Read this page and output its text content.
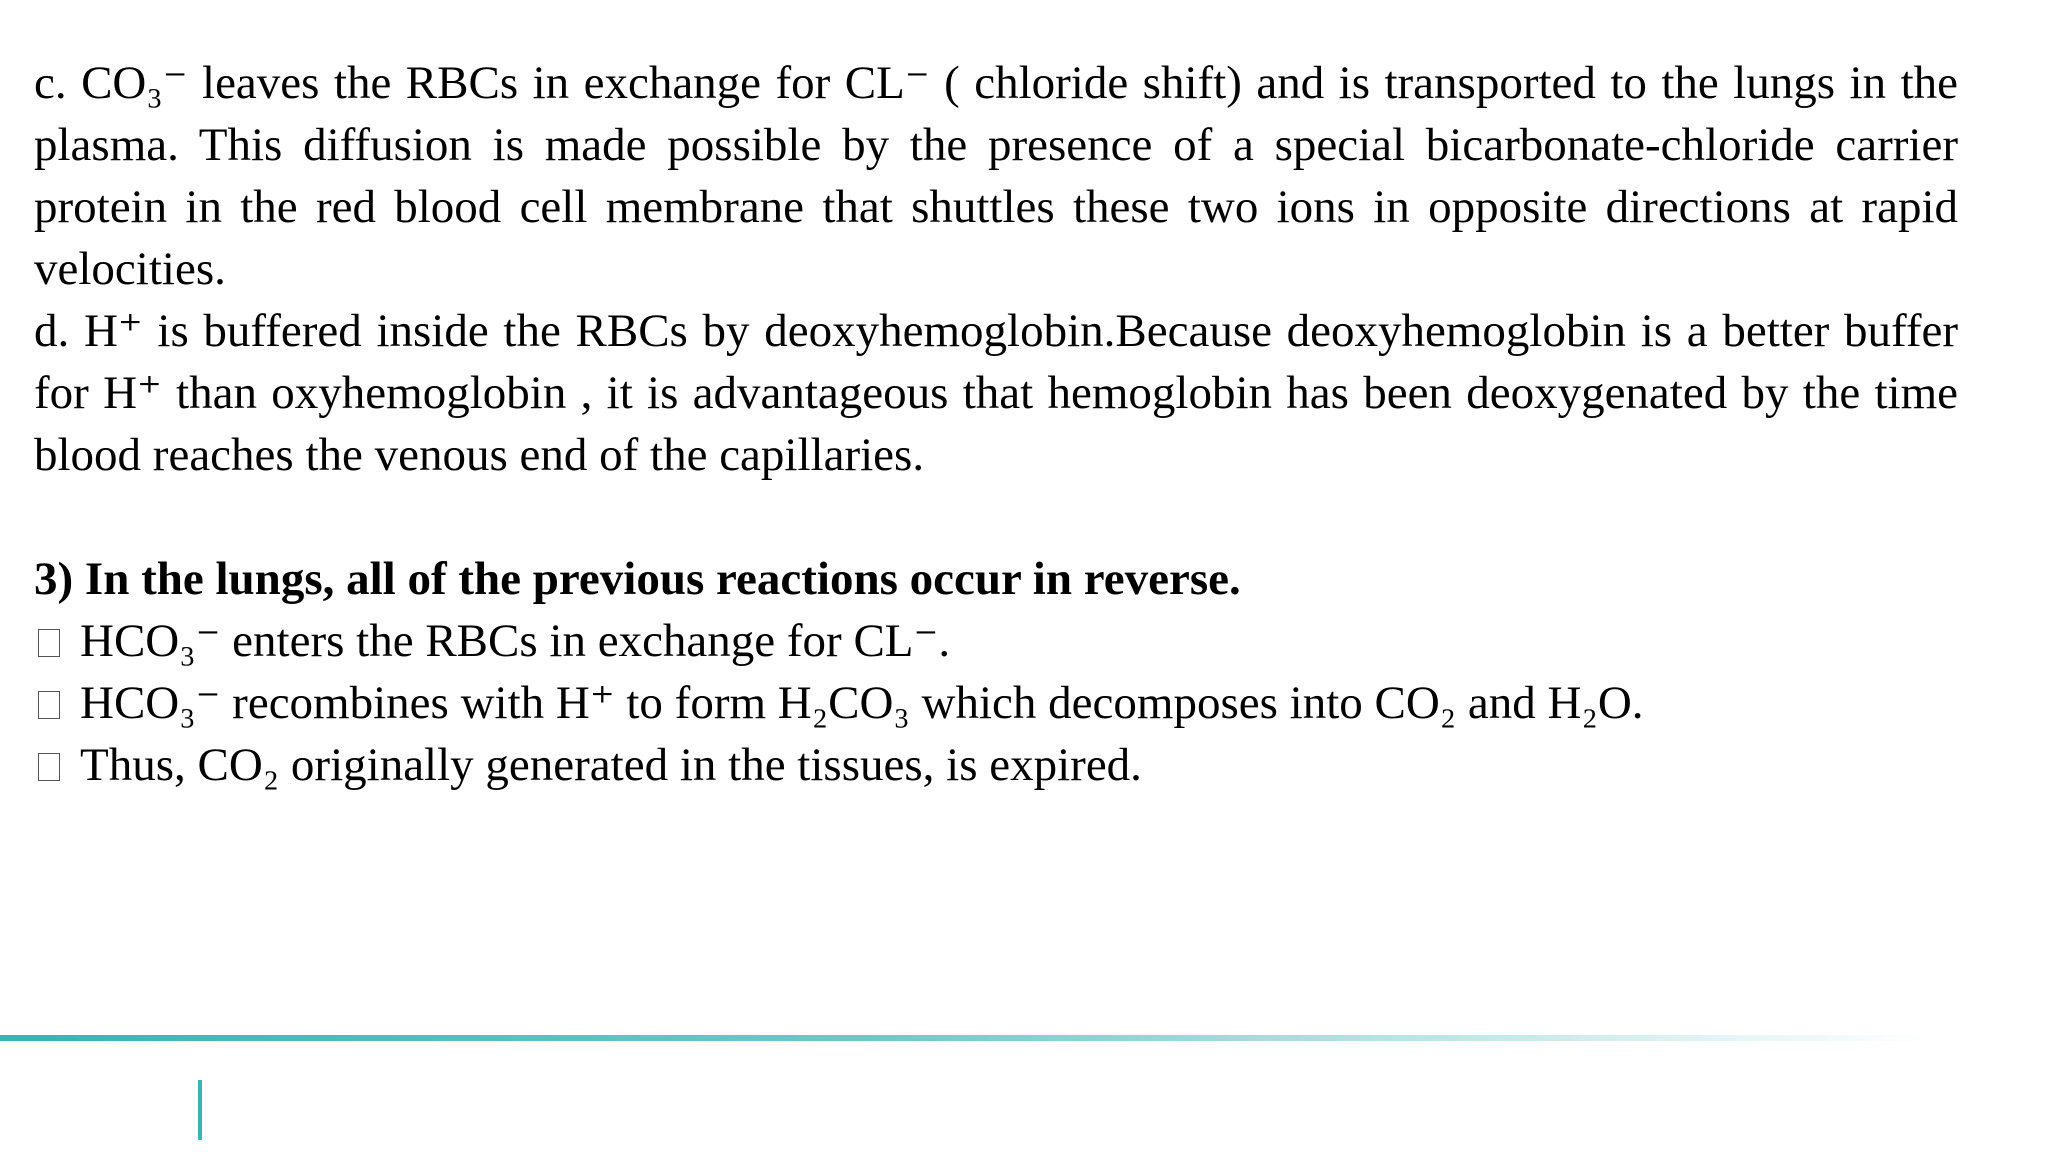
c. CO₃⁻ leaves the RBCs in exchange for CL⁻ ( chloride shift) and is transported to the lungs in the plasma. This diffusion is made possible by the presence of a special bicarbonate-chloride carrier protein in the red blood cell membrane that shuttles these two ions in opposite directions at rapid velocities.

d. H⁺ is buffered inside the RBCs by deoxyhemoglobin.Because deoxyhemoglobin is a better buffer for H⁺ than oxyhemoglobin , it is advantageous that hemoglobin has been deoxygenated by the time blood reaches the venous end of the capillaries.

3) In the lungs, all of the previous reactions occur in reverse.

HCO₃⁻ enters the RBCs in exchange for CL⁻.
HCO₃⁻ recombines with H⁺ to form H₂CO₃ which decomposes into CO₂ and H₂O.
Thus, CO₂ originally generated in the tissues, is expired.
